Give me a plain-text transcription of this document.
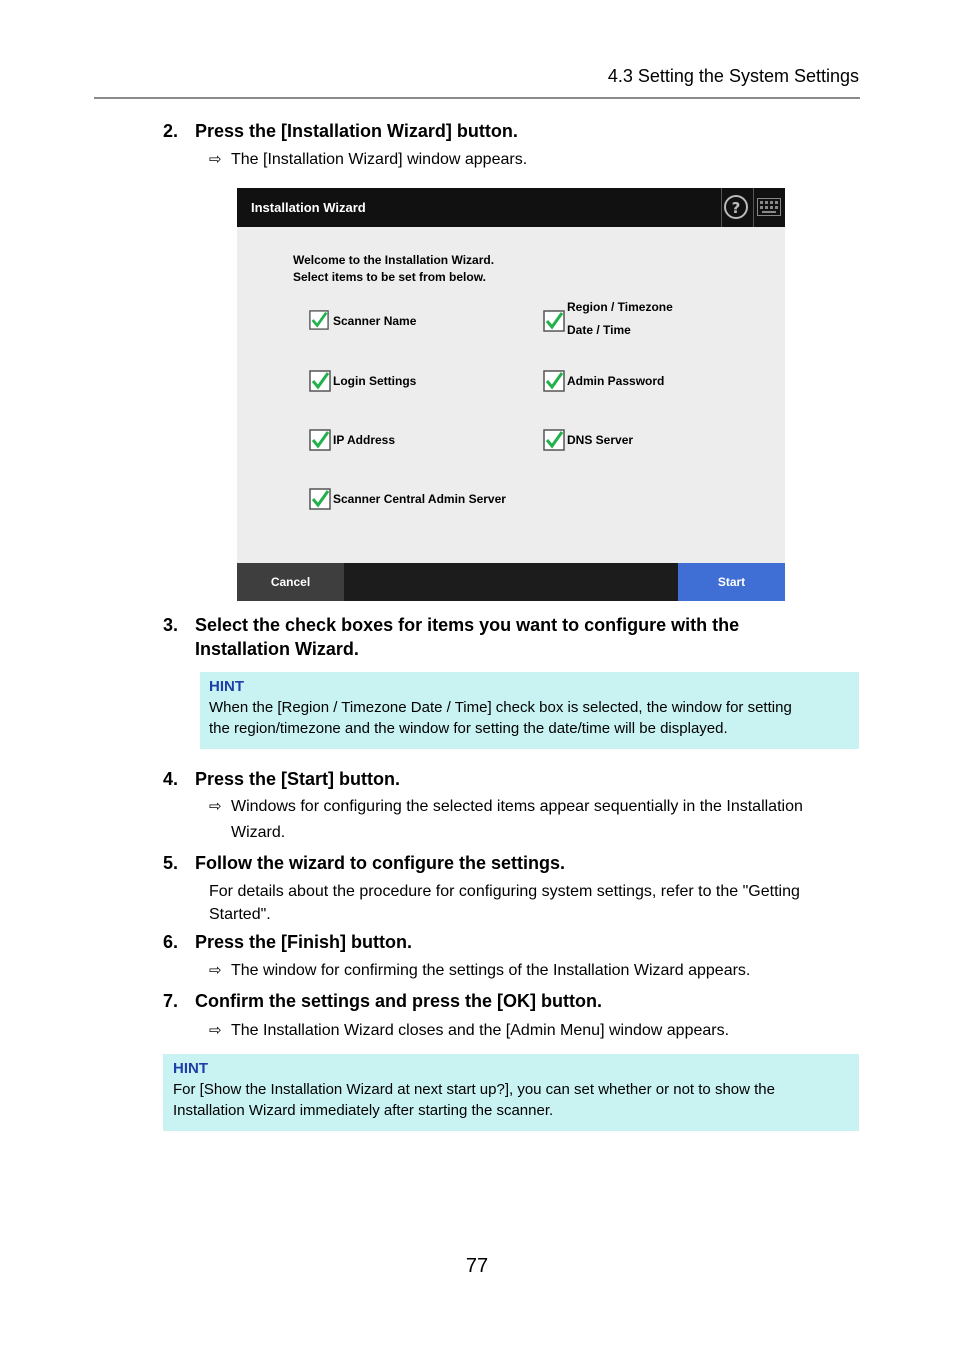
4.3 Setting the System Settings
2. Press the [Installation Wizard] button.
⇨ The [Installation Wizard] window appears.
Installation Wizard	?
Welcome to the Installation Wizard.
Select items to be set from below.
Scanner Name
Region / Timezone
Date / Time
Login Settings	Admin Password
IP Address	DNS Server
Scanner Central Admin Server
Cancel	Start
3. Select the check boxes for items you want to configure with the
Installation Wizard.
HINT
When the [Region / Timezone Date / Time] check box is selected, the window for setting
the region/timezone and the window for setting the date/time will be displayed.
4. Press the [Start] button.
⇨ Windows for configuring the selected items appear sequentially in the Installation
Wizard.
5. Follow the wizard to configure the settings.
For details about the procedure for configuring system settings, refer to the "Getting
Started".
6. Press the [Finish] button.
⇨ The window for confirming the settings of the Installation Wizard appears.
7. Confirm the settings and press the [OK] button.
⇨ The Installation Wizard closes and the [Admin Menu] window appears.
HINT
For [Show the Installation Wizard at next start up?], you can set whether or not to show the
Installation Wizard immediately after starting the scanner.
77
